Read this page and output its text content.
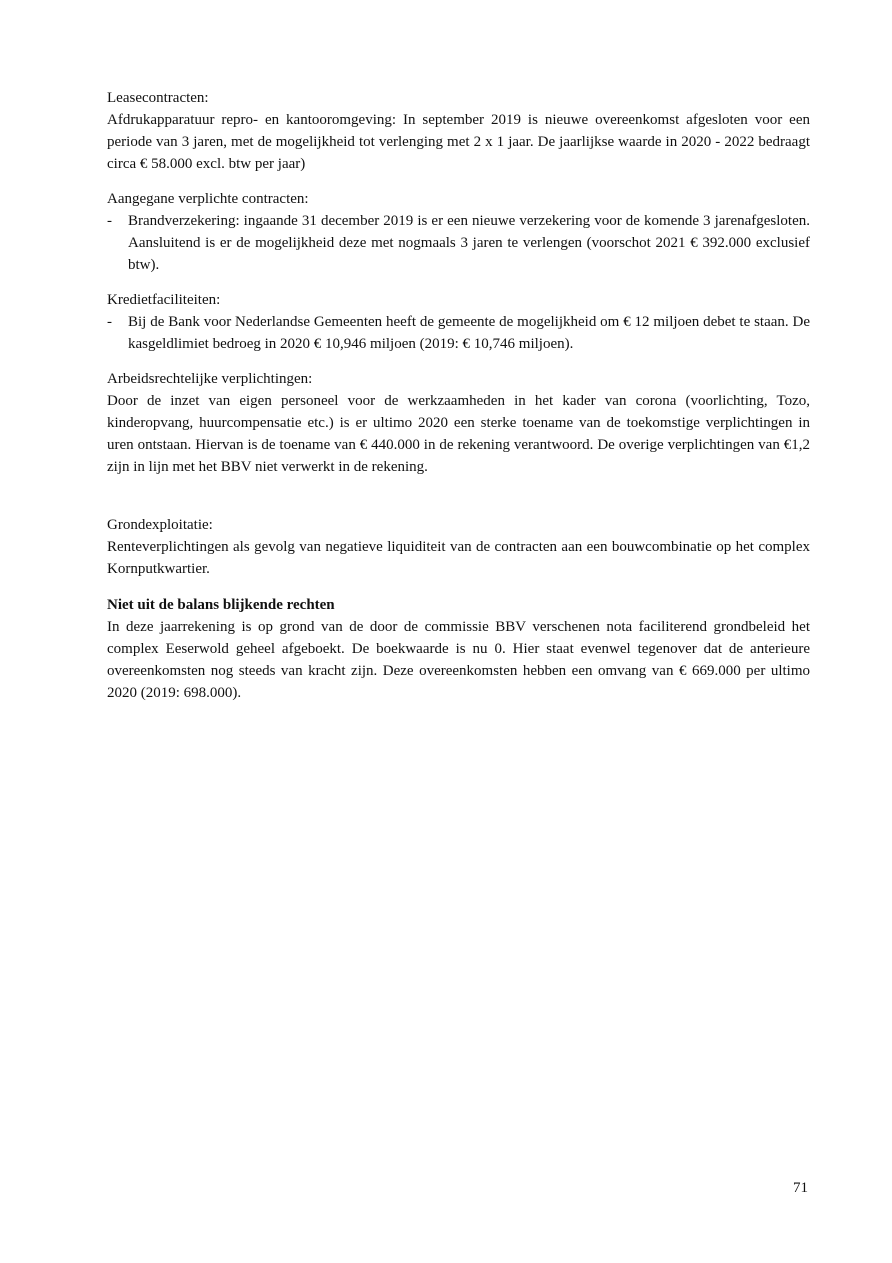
Leasecontracten:
Afdrukapparatuur repro- en kantooromgeving: In september 2019 is nieuwe overeenkomst afgesloten voor een periode van 3 jaren, met de mogelijkheid tot verlenging met 2 x 1 jaar. De jaarlijkse waarde in 2020 - 2022 bedraagt circa € 58.000 excl. btw per jaar)
Aangegane verplichte contracten:
-	Brandverzekering: ingaande 31 december 2019 is er een nieuwe verzekering voor de komende 3 jarenafgesloten. Aansluitend is er de mogelijkheid deze met nogmaals 3 jaren te verlengen (voorschot 2021 € 392.000 exclusief btw).
Kredietfaciliteiten:
-	Bij de Bank voor Nederlandse Gemeenten heeft de gemeente de mogelijkheid om € 12 miljoen debet te staan. De kasgeldlimiet bedroeg in 2020 € 10,946 miljoen (2019: € 10,746 miljoen).
Arbeidsrechtelijke verplichtingen:
Door de inzet van eigen personeel voor de werkzaamheden in het kader van corona (voorlichting, Tozo, kinderopvang, huurcompensatie etc.) is er ultimo 2020 een sterke toename van de toekomstige verplichtingen in uren ontstaan. Hiervan is de toename van € 440.000 in de rekening verantwoord. De overige verplichtingen van €1,2 zijn in lijn met het BBV niet verwerkt in de rekening.
Grondexploitatie:
Renteverplichtingen als gevolg van negatieve liquiditeit van de contracten aan een bouwcombinatie op het complex Kornputkwartier.
Niet uit de balans blijkende rechten
In deze jaarrekening is op grond van de door de commissie BBV verschenen nota faciliterend grondbeleid het complex Eeserwold geheel afgeboekt. De boekwaarde is nu 0. Hier staat evenwel tegenover dat de anterieure overeenkomsten nog steeds van kracht zijn. Deze overeenkomsten hebben een omvang van € 669.000 per ultimo 2020 (2019: 698.000).
71
